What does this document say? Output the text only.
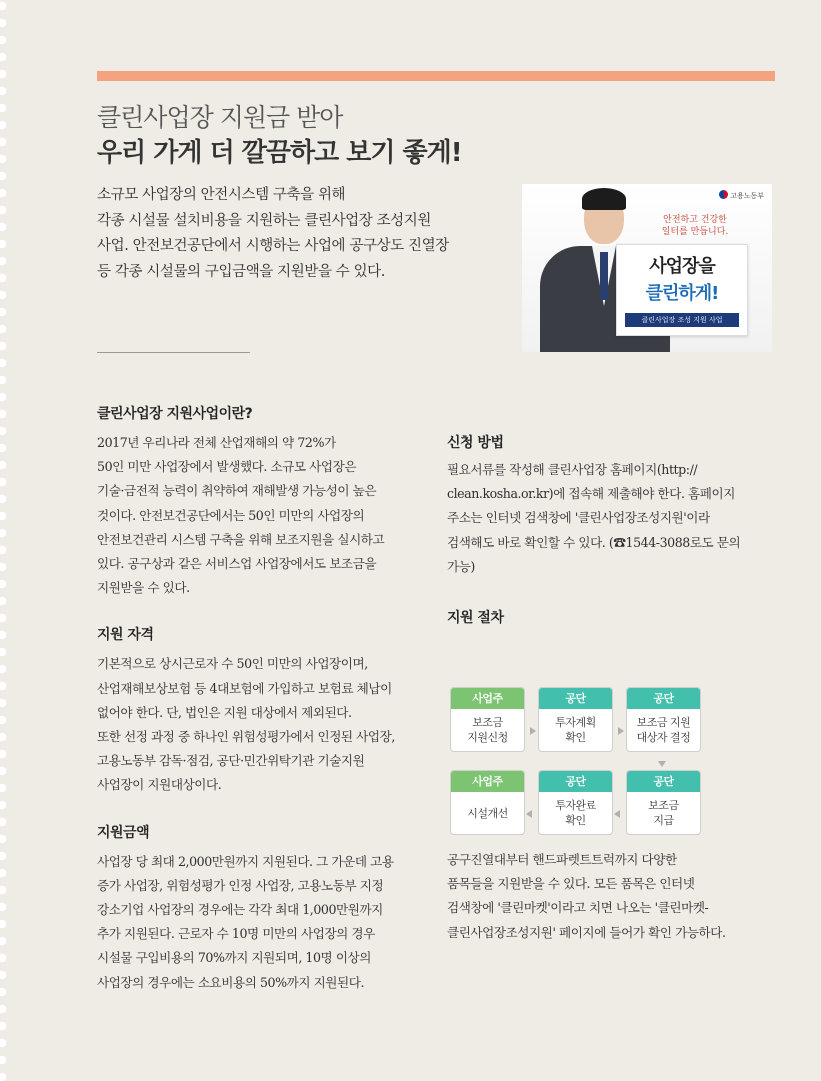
클린사업장 지원금 받아
우리 가게 더 깔끔하고 보기 좋게!

소규모 사업장의 안전시스템 구축을 위해

각종 시설물 설치비용을 지원하는 클린사업장 조성지원

사업. 안전보건공단에서 시행하는 사업에 공구상도 진열장

등 각종 시설물의 구입금액을 지원받을 수 있다.

고용노동부
안전하고 건강한
일터를 만듭니다.
사업장을
클린하게!
클린사업장 조성 지원 사업
클린사업장 지원사업이란?

2017년 우리나라 전체 산업재해의 약 72%가

50인 미만 사업장에서 발생했다. 소규모 사업장은

기술·금전적 능력이 취약하여 재해발생 가능성이 높은

것이다. 안전보건공단에서는 50인 미만의 사업장의

안전보건관리 시스템 구축을 위해 보조지원을 실시하고

있다. 공구상과 같은 서비스업 사업장에서도 보조금을

지원받을 수 있다.

지원 자격

기본적으로 상시근로자 수 50인 미만의 사업장이며,

산업재해보상보험 등 4대보험에 가입하고 보험료 체납이

없어야 한다. 단, 법인은 지원 대상에서 제외된다.

또한 선정 과정 중 하나인 위험성평가에서 인정된 사업장,

고용노동부 감독·점검, 공단·민간위탁기관 기술지원

사업장이 지원대상이다.

지원금액

사업장 당 최대 2,000만원까지 지원된다. 그 가운데 고용

증가 사업장, 위험성평가 인정 사업장, 고용노동부 지정

강소기업 사업장의 경우에는 각각 최대 1,000만원까지

추가 지원된다. 근로자 수 10명 미만의 사업장의 경우

시설물 구입비용의 70%까지 지원되며, 10명 이상의

사업장의 경우에는 소요비용의 50%까지 지원된다.

신청 방법

필요서류를 작성해 클린사업장 홈페이지(http://

clean.kosha.or.kr)에 접속해 제출해야 한다. 홈페이지

주소는 인터넷 검색창에 '클린사업장조성지원'이라

검색해도 바로 확인할 수 있다. (☎1544-3088로도 문의

가능)

지원 절차
사업주
보조금
지원신청
공단
투자계획
확인
공단
보조금 지원
대상자 결정
사업주
시설개선
공단
투자완료
확인
공단
보조금
지급

공구진열대부터 핸드파렛트트럭까지 다양한

품목들을 지원받을 수 있다. 모든 품목은 인터넷

검색창에 '클린마켓'이라고 치면 나오는 '클린마켓-

클린사업장조성지원' 페이지에 들어가 확인 가능하다.
